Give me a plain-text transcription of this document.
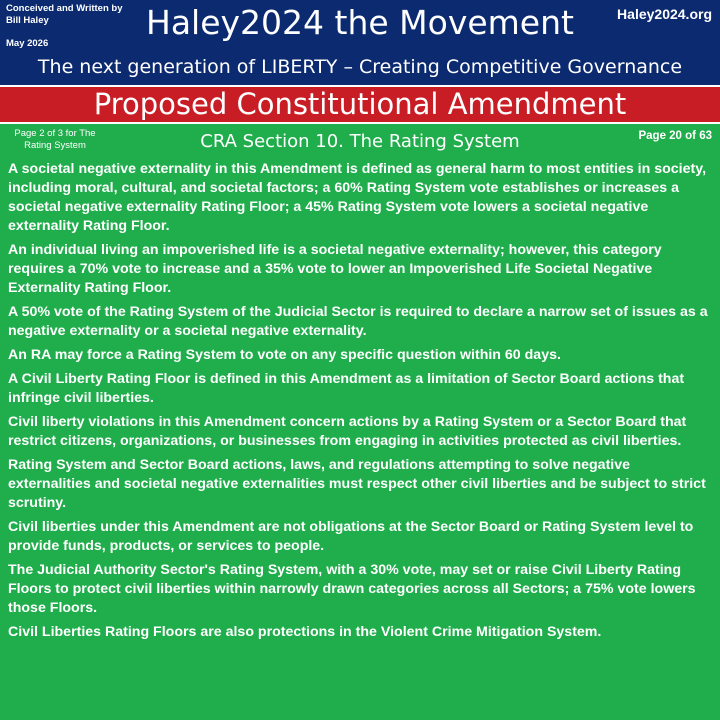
Conceived and Written by Bill Haley
May 2026
Haley2024 the Movement	Haley2024.org
The next generation of LIBERTY – Creating Competitive Governance
Proposed Constitutional Amendment
Page 2 of 3 for The Rating System	CRA Section 10. The Rating System	Page 20 of 63

A societal negative externality in this Amendment is defined as general harm to most entities in society, including moral, cultural, and societal factors; a 60% Rating System vote establishes or increases a societal negative externality Rating Floor; a 45% Rating System vote lowers a societal negative externality Rating Floor.

An individual living an impoverished life is a societal negative externality; however, this category requires a 70% vote to increase and a 35% vote to lower an Impoverished Life Societal Negative Externality Rating Floor.

A 50% vote of the Rating System of the Judicial Sector is required to declare a narrow set of issues as a negative externality or a societal negative externality.

An RA may force a Rating System to vote on any specific question within 60 days.

A Civil Liberty Rating Floor is defined in this Amendment as a limitation of Sector Board actions that infringe civil liberties.

Civil liberty violations in this Amendment concern actions by a Rating System or a Sector Board that restrict citizens, organizations, or businesses from engaging in activities protected as civil liberties.

Rating System and Sector Board actions, laws, and regulations attempting to solve negative externalities and societal negative externalities must respect other civil liberties and be subject to strict scrutiny.

Civil liberties under this Amendment are not obligations at the Sector Board or Rating System level to provide funds, products, or services to people.

The Judicial Authority Sector's Rating System, with a 30% vote, may set or raise Civil Liberty Rating Floors to protect civil liberties within narrowly drawn categories across all Sectors; a 75% vote lowers those Floors.

Civil Liberties Rating Floors are also protections in the Violent Crime Mitigation System.
